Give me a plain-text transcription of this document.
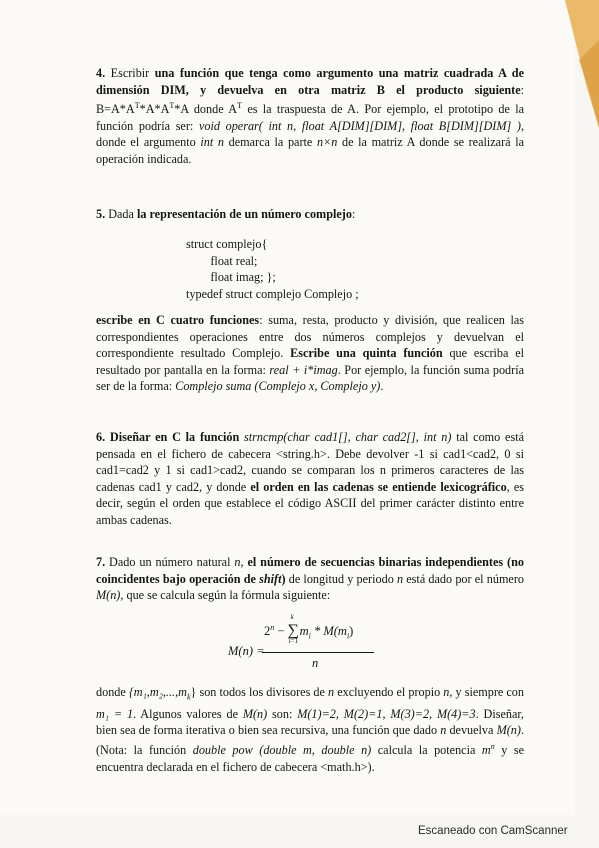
4. Escribir una función que tenga como argumento una matriz cuadrada A de dimensión DIM, y devuelva en otra matriz B el producto siguiente: $B=A*A^T*A*A^T*A$ donde $A^T$ es la traspuesta de A. Por ejemplo, el prototipo de la función podría ser: void operar( int n, float A[DIM][DIM], float B[DIM][DIM] ), donde el argumento int n demarca la parte n×n de la matriz A donde se realizará la operación indicada.

5. Dada la representación de un número complejo:

struct complejo{
float real;
float imag; };
typedef struct complejo Complejo ;

escribe en C cuatro funciones: suma, resta, producto y división, que realicen las correspondientes operaciones entre dos números complejos y devuelvan el correspondiente resultado Complejo. Escribe una quinta función que escriba el resultado por pantalla en la forma: real + i*imag. Por ejemplo, la función suma podría ser de la forma: Complejo suma (Complejo x, Complejo y).

6. Diseñar en C la función strncmp(char cad1[], char cad2[], int n) tal como está pensada en el fichero de cabecera <string.h>. Debe devolver -1 si cad1<cad2, 0 si cad1=cad2 y 1 si cad1>cad2, cuando se comparan los n primeros caracteres de las cadenas cad1 y cad2, y donde el orden en las cadenas se entiende lexicográfico, es decir, según el orden que establece el código ASCII del primer carácter distinto entre ambas cadenas.

7. Dado un número natural n, el número de secuencias binarias independientes (no coincidentes bajo operación de shift) de longitud y periodo n está dado por el número M(n), que se calcula según la fórmula siguiente:

M(n) =
$2^n$ −
k
∑
i=1
$m_i * M(m_i)$
n

donde $\{m_1,m_2,...,m_k\}$ son todos los divisores de n excluyendo el propio n, y siempre con m₁ = 1. Algunos valores de M(n) son: M(1)=2, M(2)=1, M(3)=2, M(4)=3. Diseñar, bien sea de forma iterativa o bien sea recursiva, una función que dado n devuelva M(n). (Nota: la función double pow (double m, double n) calcula la potencia $m^n$ y se encuentra declarada en el fichero de cabecera <math.h>).

Escaneado con CamScanner
